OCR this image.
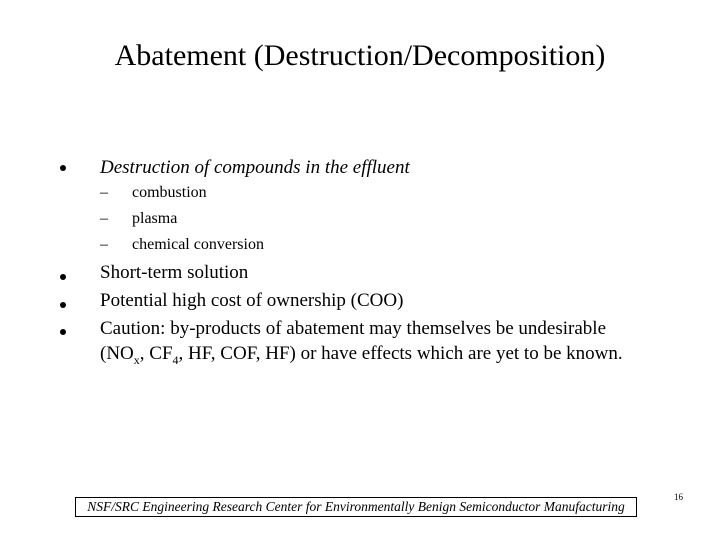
Abatement (Destruction/Decomposition)
Destruction of compounds in the effluent
– combustion
– plasma
– chemical conversion
Short-term solution
Potential high cost of ownership (COO)
Caution: by-products of abatement may themselves be undesirable
($NO_x$, $CF_4$, HF, COF, HF) or have effects which are yet to be known.
NSF/SRC Engineering Research Center for Environmentally Benign Semiconductor Manufacturing
16
